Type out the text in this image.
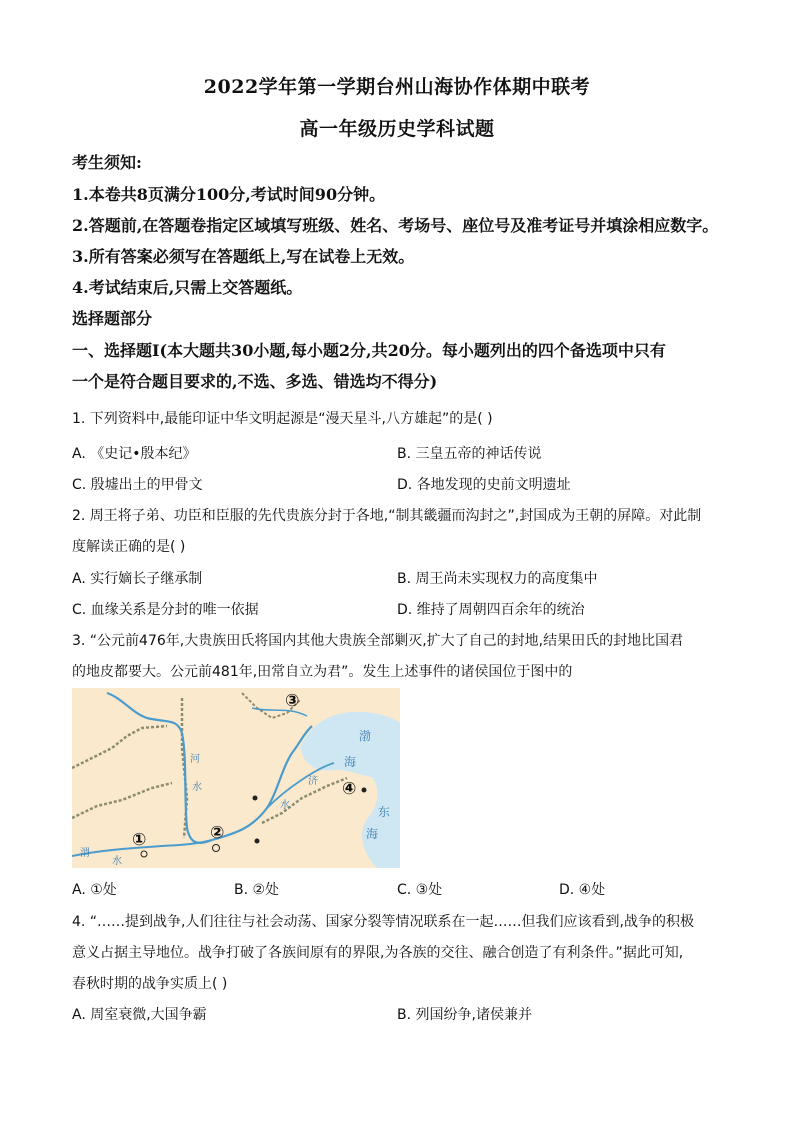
2022学年第一学期台州山海协作体期中联考
高一年级历史学科试题
考生须知:
1.本卷共8页满分100分,考试时间90分钟。
2.答题前,在答题卷指定区域填写班级、姓名、考场号、座位号及准考证号并填涂相应数字。
3.所有答案必须写在答题纸上,写在试卷上无效。
4.考试结束后,只需上交答题纸。
选择题部分
一、选择题Ⅰ(本大题共30小题,每小题2分,共20分。每小题列出的四个备选项中只有
一个是符合题目要求的,不选、多选、错选均不得分)
1. 下列资料中,最能印证中华文明起源是“漫天星斗,八方雄起”的是( )
A. 《史记•殷本纪》	B. 三皇五帝的神话传说
C. 殷墟出土的甲骨文	D. 各地发现的史前文明遗址
2. 周王将子弟、功臣和臣服的先代贵族分封于各地,“制其畿疆而沟封之”,封国成为王朝的屏障。对此制
度解读正确的是( )
A. 实行嫡长子继承制	B. 周王尚未实现权力的高度集中
C. 血缘关系是分封的唯一依据	D. 维持了周朝四百余年的统治
3. “公元前476年,大贵族田氏将国内其他大贵族全部剿灭,扩大了自己的封地,结果田氏的封地比国君
的地皮都要大。公元前481年,田常自立为君”。发生上述事件的诸侯国位于图中的
渤
海
东
海
河
水
济
水
渭
水
①	②
③
④
A. ①处	B. ②处	C. ③处	D. ④处
4. “……提到战争,人们往往与社会动荡、国家分裂等情况联系在一起……但我们应该看到,战争的积极
意义占据主导地位。战争打破了各族间原有的界限,为各族的交往、融合创造了有利条件。”据此可知,
春秋时期的战争实质上( )
A. 周室衰微,大国争霸	B. 列国纷争,诸侯兼并
